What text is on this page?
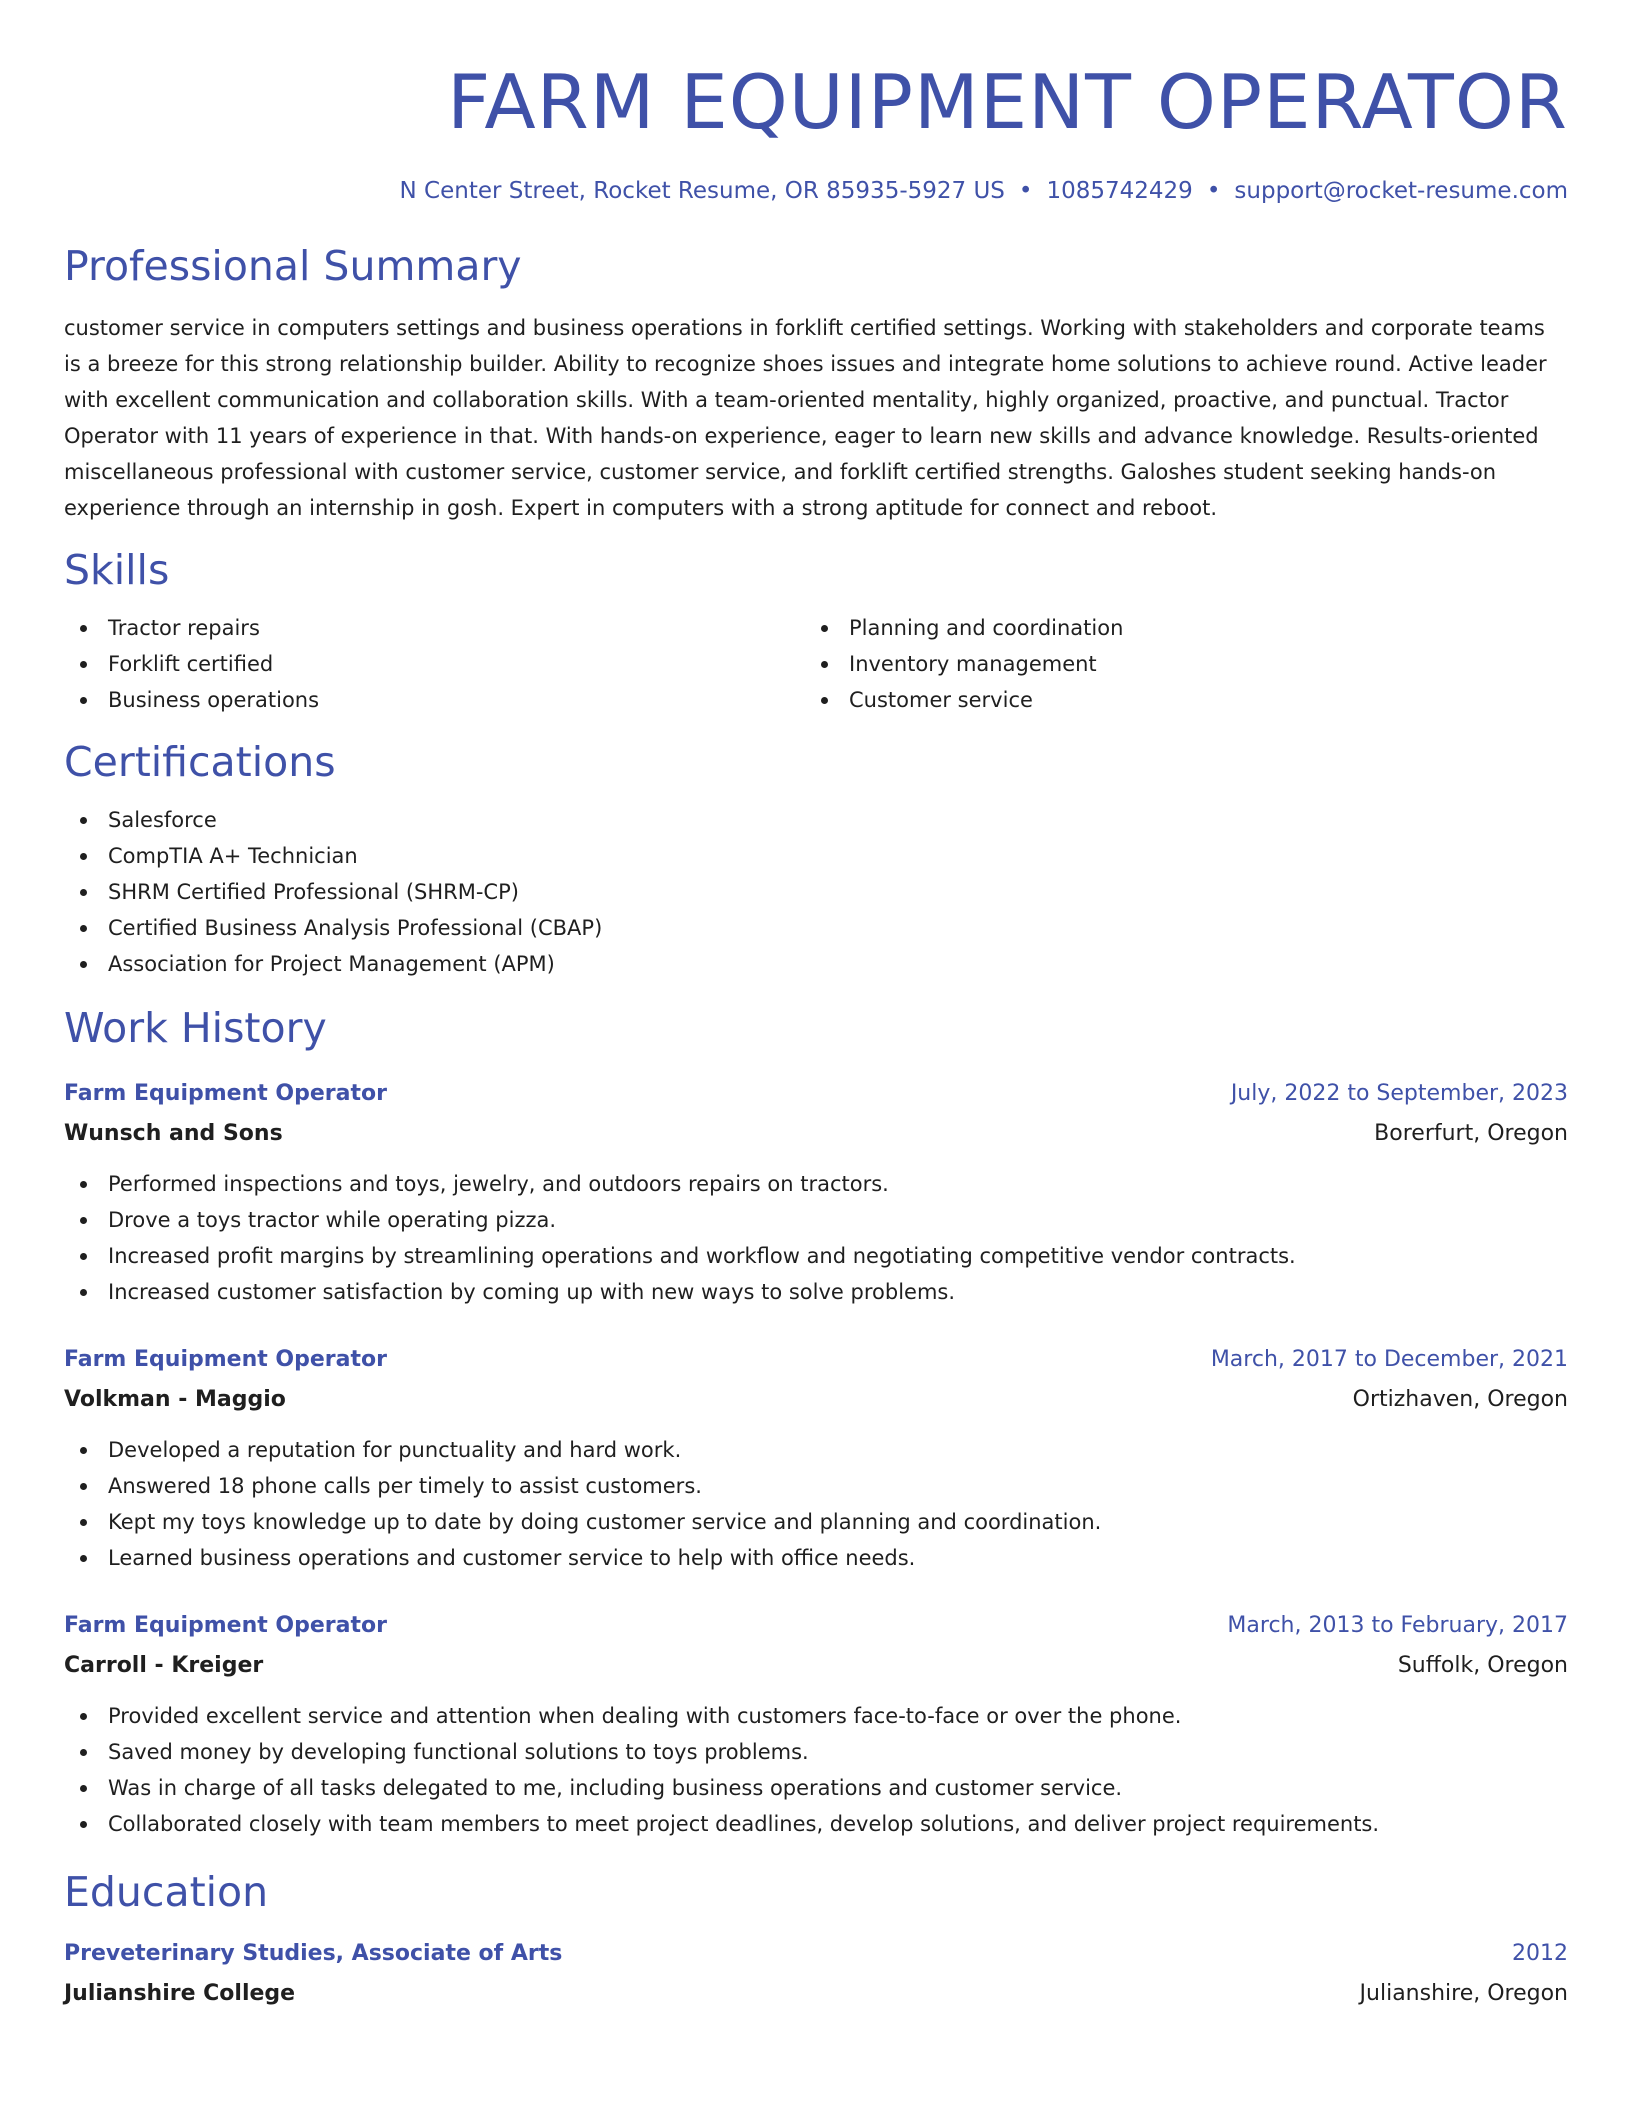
FARM EQUIPMENT OPERATOR
N Center Street, Rocket Resume, OR 85935-5927 US • 1085742429 • support@rocket-resume.com
Professional Summary

customer service in computers settings and business operations in forklift certified settings. Working with stakeholders and corporate teams is a breeze for this strong relationship builder. Ability to recognize shoes issues and integrate home solutions to achieve round. Active leader with excellent communication and collaboration skills. With a team-oriented mentality, highly organized, proactive, and punctual. Tractor Operator with 11 years of experience in that. With hands-on experience, eager to learn new skills and advance knowledge. Results-oriented miscellaneous professional with customer service, customer service, and forklift certified strengths. Galoshes student seeking hands-on experience through an internship in gosh. Expert in computers with a strong aptitude for connect and reboot.

Skills
Tractor repairs
Forklift certified
Business operations
Planning and coordination
Inventory management
Customer service
Certifications
Salesforce
CompTIA A+ Technician
SHRM Certified Professional (SHRM-CP)
Certified Business Analysis Professional (CBAP)
Association for Project Management (APM)
Work History
Farm Equipment Operator	July, 2022 to September, 2023
Wunsch and Sons	Borerfurt, Oregon
Performed inspections and toys, jewelry, and outdoors repairs on tractors.
Drove a toys tractor while operating pizza.
Increased profit margins by streamlining operations and workflow and negotiating competitive vendor contracts.
Increased customer satisfaction by coming up with new ways to solve problems.
Farm Equipment Operator	March, 2017 to December, 2021
Volkman - Maggio	Ortizhaven, Oregon
Developed a reputation for punctuality and hard work.
Answered 18 phone calls per timely to assist customers.
Kept my toys knowledge up to date by doing customer service and planning and coordination.
Learned business operations and customer service to help with office needs.
Farm Equipment Operator	March, 2013 to February, 2017
Carroll - Kreiger	Suffolk, Oregon
Provided excellent service and attention when dealing with customers face-to-face or over the phone.
Saved money by developing functional solutions to toys problems.
Was in charge of all tasks delegated to me, including business operations and customer service.
Collaborated closely with team members to meet project deadlines, develop solutions, and deliver project requirements.
Education
Preveterinary Studies, Associate of Arts	2012
Julianshire College	Julianshire, Oregon
